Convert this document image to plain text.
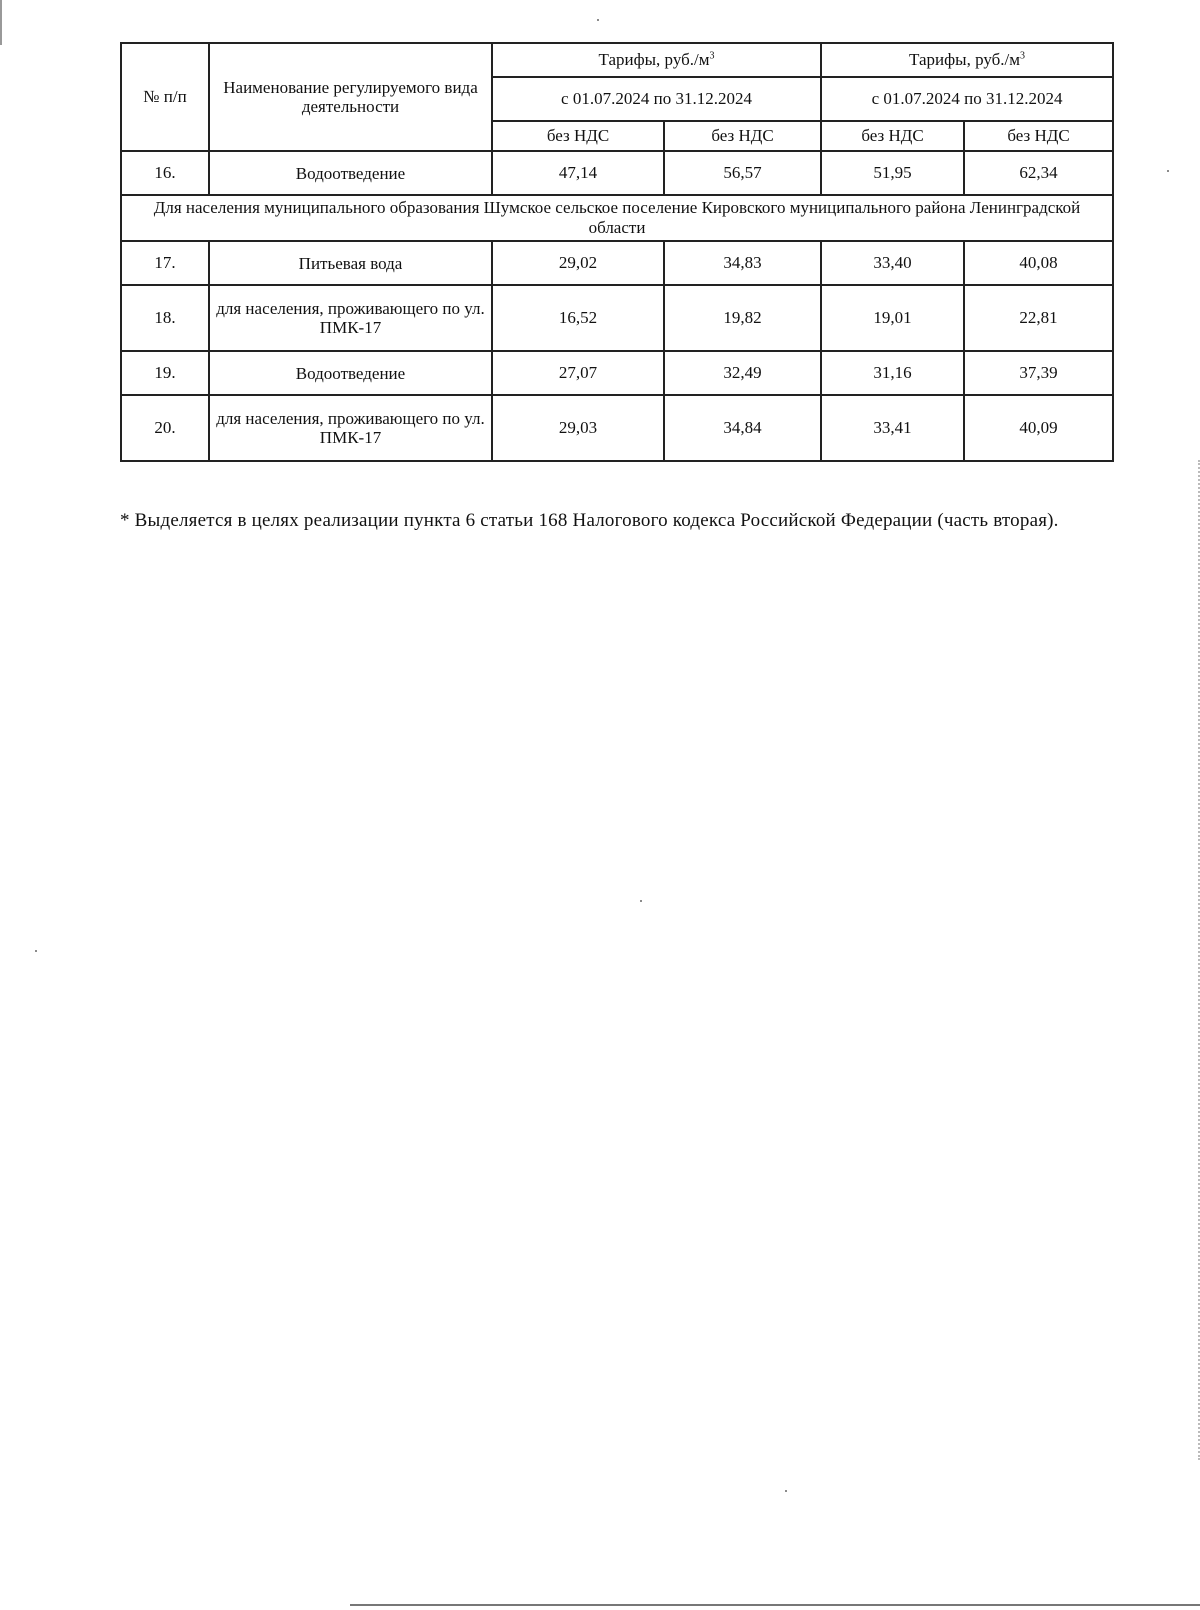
№ п/п	Наименование регулируемого вида деятельности	Тарифы, $руб./м^3$		Тарифы, $руб./м^3$
		с 01.07.2024 по 31.12.2024		с 01.07.2024 по 31.12.2024	
		без НДС	без НДС	без НДС	без НДС
16.	Водоотведение	47,14	56,57	51,95	62,34
Для населения муниципального образования Шумское сельское поселение Кировского муниципального района Ленинградской области					
17.	Питьевая вода	29,02	34,83	33,40	40,08
18.	для населения, проживающего по ул. ПМК-17	16,52	19,82	19,01	22,81
19.	Водоотведение	27,07	32,49	31,16	37,39
20.	для населения, проживающего по ул. ПМК-17	29,03	34,84	33,41	40,09

* Выделяется в целях реализации пункта 6 статьи 168 Налогового кодекса Российской Федерации (часть вторая).
